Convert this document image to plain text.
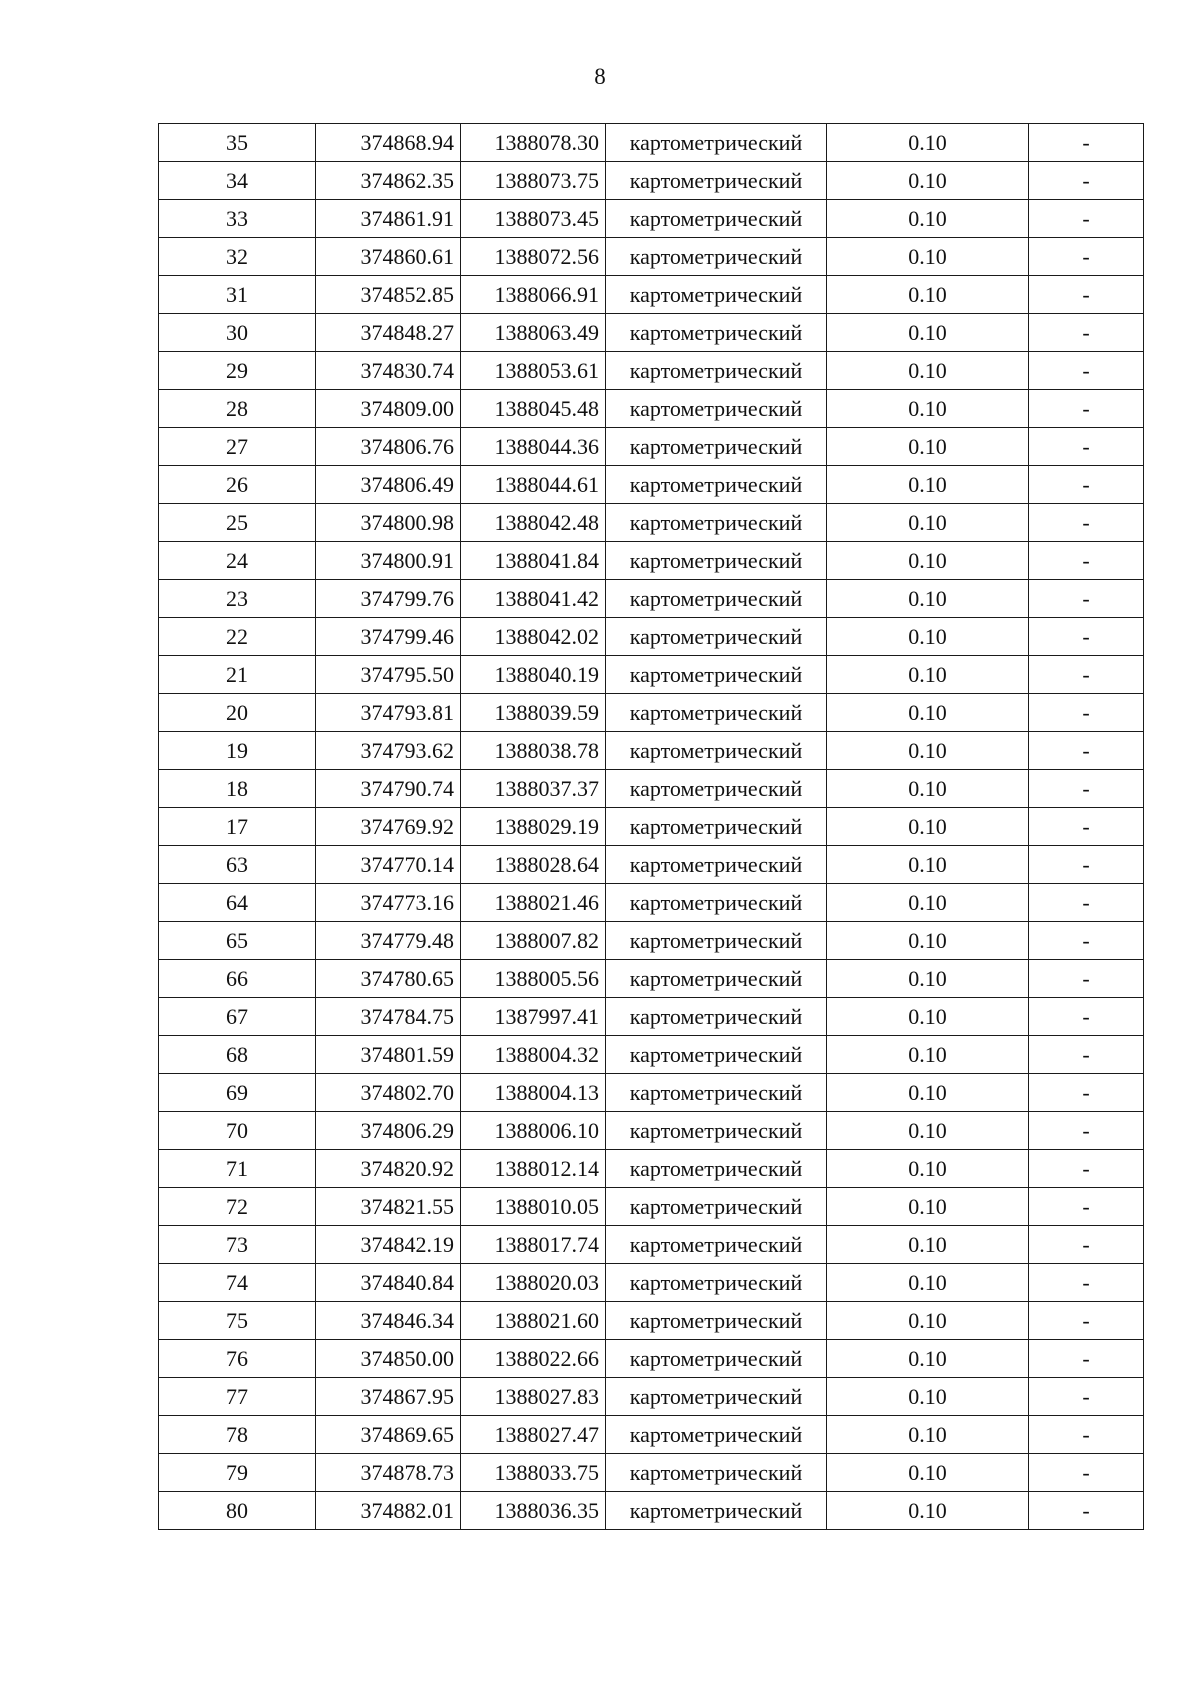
8
35	374868.94	1388078.30	картометрический	0.10	-
34	374862.35	1388073.75	картометрический	0.10	-
33	374861.91	1388073.45	картометрический	0.10	-
32	374860.61	1388072.56	картометрический	0.10	-
31	374852.85	1388066.91	картометрический	0.10	-
30	374848.27	1388063.49	картометрический	0.10	-
29	374830.74	1388053.61	картометрический	0.10	-
28	374809.00	1388045.48	картометрический	0.10	-
27	374806.76	1388044.36	картометрический	0.10	-
26	374806.49	1388044.61	картометрический	0.10	-
25	374800.98	1388042.48	картометрический	0.10	-
24	374800.91	1388041.84	картометрический	0.10	-
23	374799.76	1388041.42	картометрический	0.10	-
22	374799.46	1388042.02	картометрический	0.10	-
21	374795.50	1388040.19	картометрический	0.10	-
20	374793.81	1388039.59	картометрический	0.10	-
19	374793.62	1388038.78	картометрический	0.10	-
18	374790.74	1388037.37	картометрический	0.10	-
17	374769.92	1388029.19	картометрический	0.10	-
63	374770.14	1388028.64	картометрический	0.10	-
64	374773.16	1388021.46	картометрический	0.10	-
65	374779.48	1388007.82	картометрический	0.10	-
66	374780.65	1388005.56	картометрический	0.10	-
67	374784.75	1387997.41	картометрический	0.10	-
68	374801.59	1388004.32	картометрический	0.10	-
69	374802.70	1388004.13	картометрический	0.10	-
70	374806.29	1388006.10	картометрический	0.10	-
71	374820.92	1388012.14	картометрический	0.10	-
72	374821.55	1388010.05	картометрический	0.10	-
73	374842.19	1388017.74	картометрический	0.10	-
74	374840.84	1388020.03	картометрический	0.10	-
75	374846.34	1388021.60	картометрический	0.10	-
76	374850.00	1388022.66	картометрический	0.10	-
77	374867.95	1388027.83	картометрический	0.10	-
78	374869.65	1388027.47	картометрический	0.10	-
79	374878.73	1388033.75	картометрический	0.10	-
80	374882.01	1388036.35	картометрический	0.10	-
